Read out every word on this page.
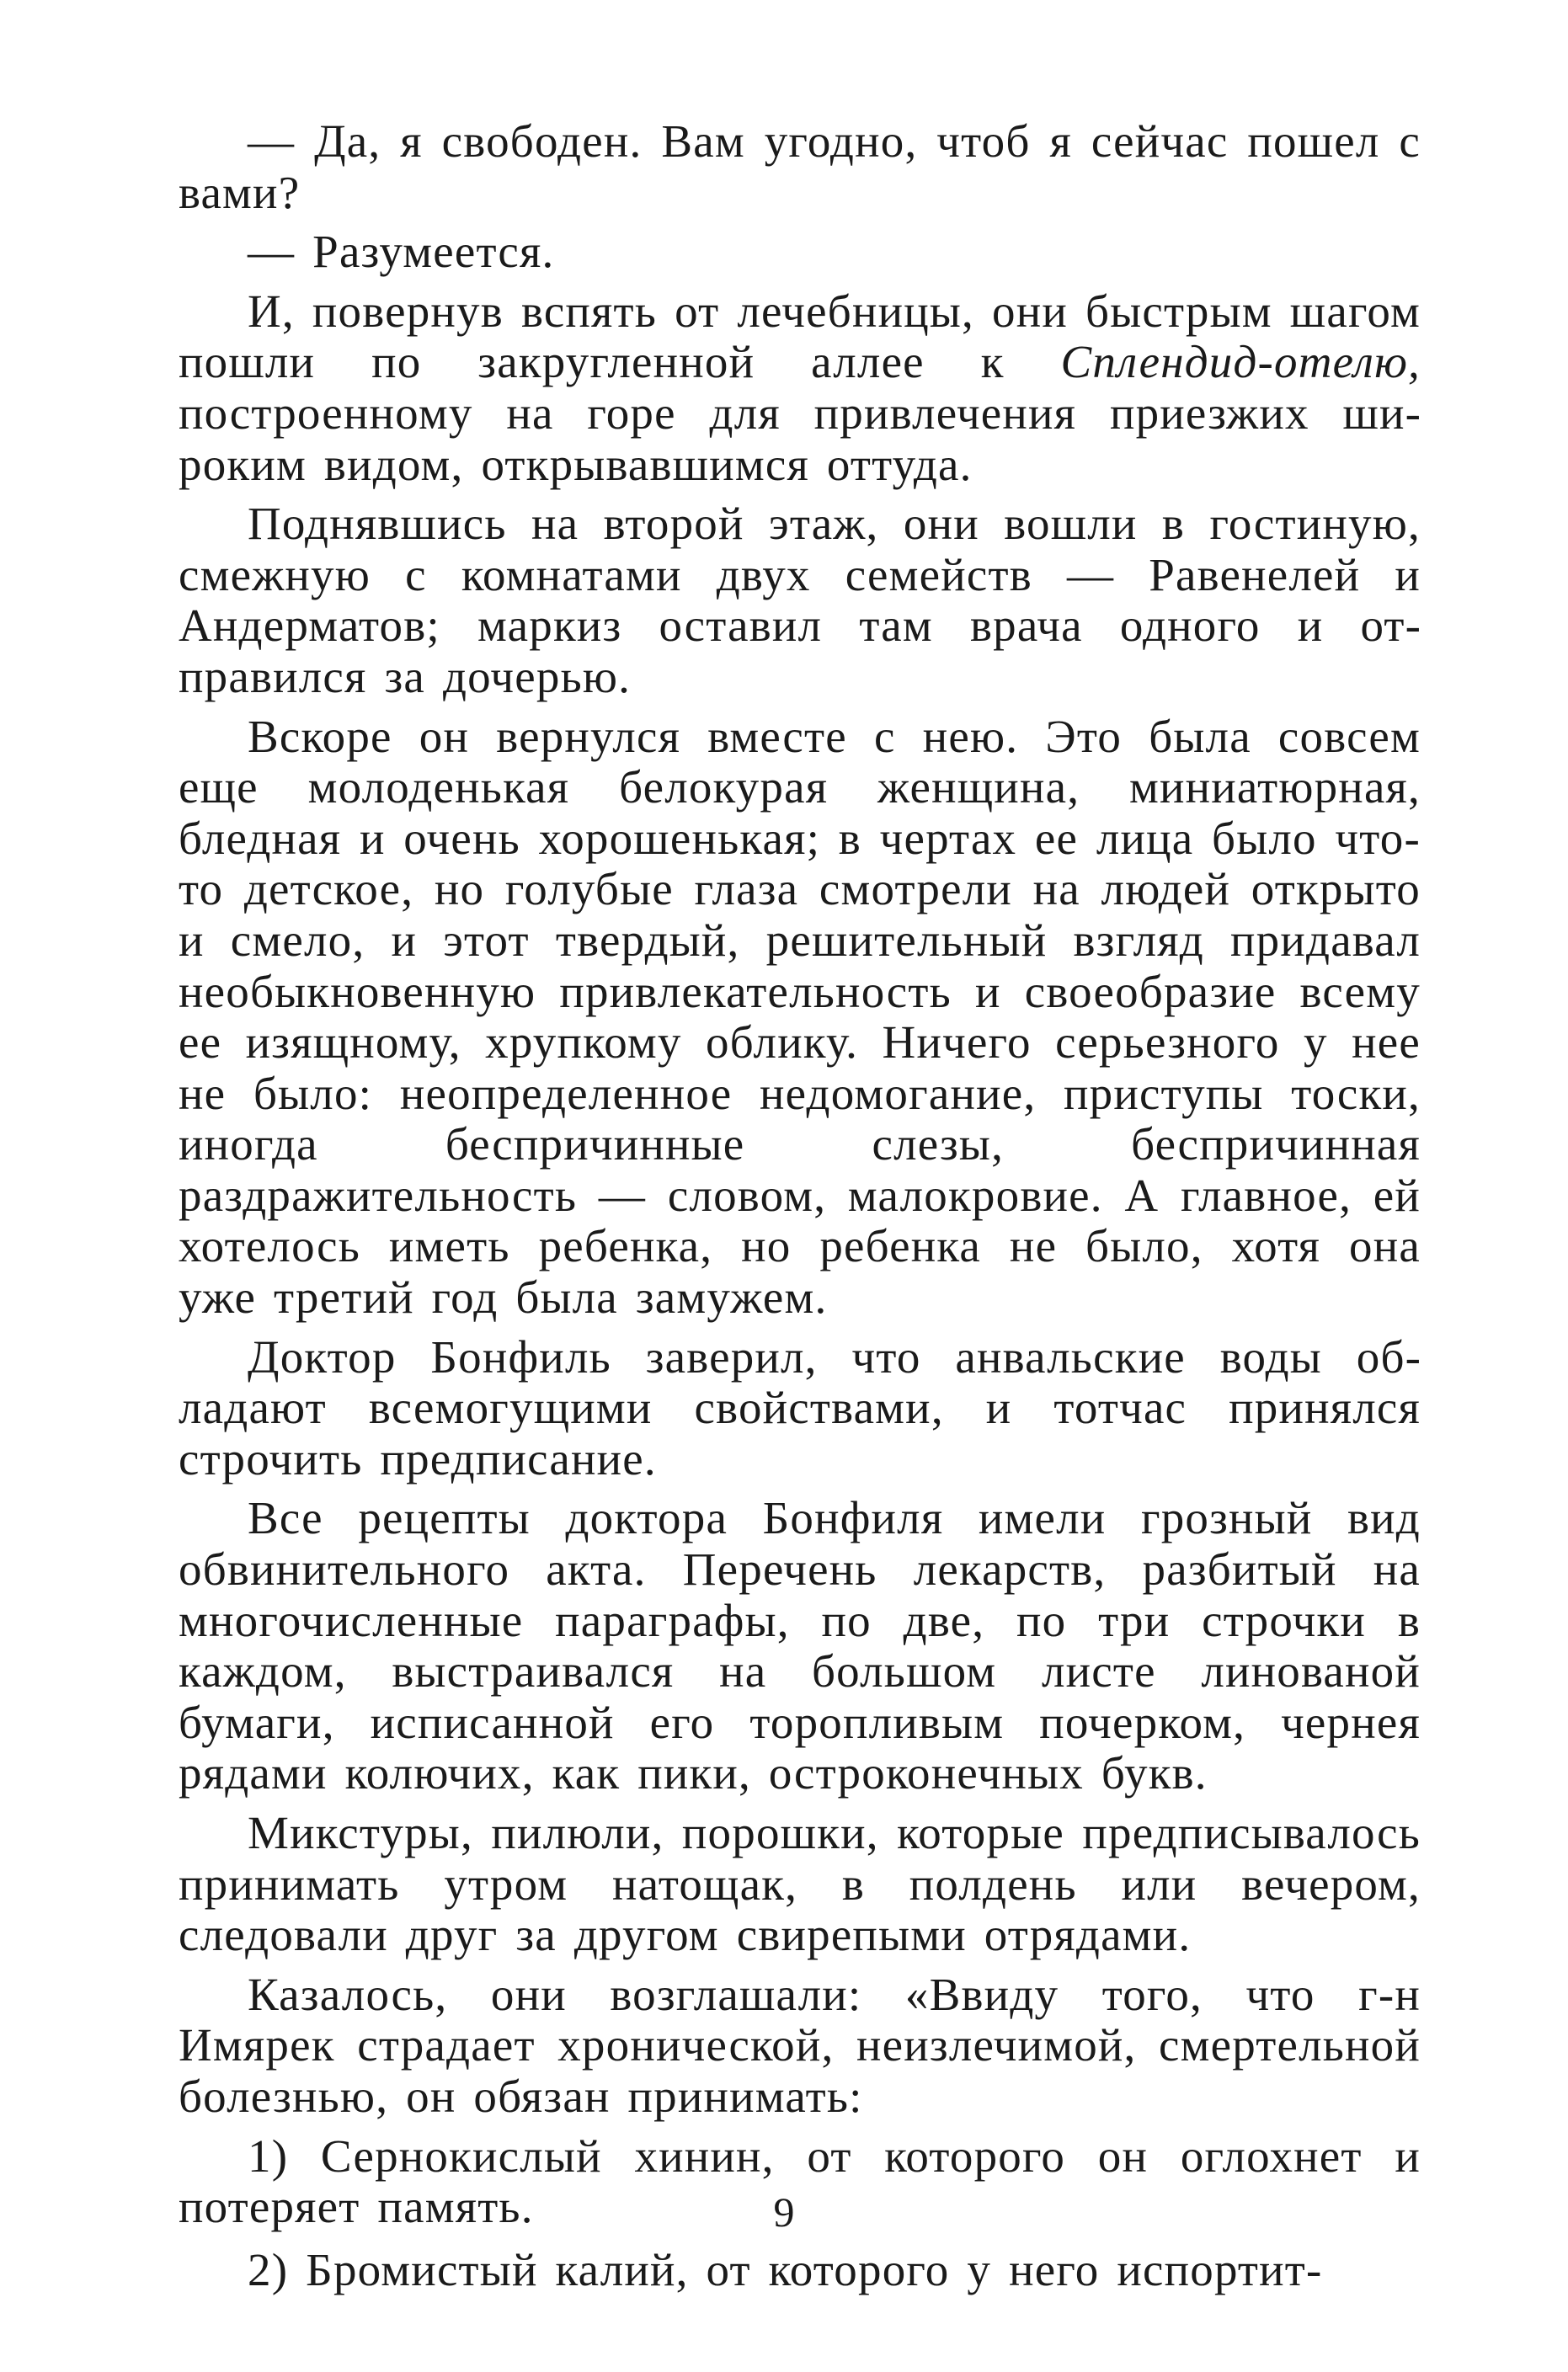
— Да, я свободен. Вам угодно, чтоб я сейчас пошел с вами?

— Разумеется.

И, повернув вспять от лечебницы, они быстрым шагом пошли по закругленной аллее к Сплендид-отелю, построенному на горе для привлечения приезжих широким видом, открывавшимся оттуда.

Поднявшись на второй этаж, они вошли в гостиную, смежную с комнатами двух семейств — Равенелей и Андерматов; маркиз оставил там врача одного и отправился за дочерью.

Вскоре он вернулся вместе с нею. Это была совсем еще молоденькая белокурая женщина, миниатюрная, бледная и очень хорошенькая; в чертах ее лица было что-то детское, но голубые глаза смотрели на людей открыто и смело, и этот твердый, решительный взгляд придавал необыкновенную привлекательность и своеобразие всему ее изящному, хрупкому облику. Ничего серьезного у нее не было: неопределенное недомогание, приступы тоски, иногда беспричинные слезы, беспричинная раздражительность — словом, малокровие. А главное, ей хотелось иметь ребенка, но ребенка не было, хотя она уже третий год была замужем.

Доктор Бонфиль заверил, что анвальские воды обладают всемогущими свойствами, и тотчас принялся строчить предписание.

Все рецепты доктора Бонфиля имели грозный вид обвинительного акта. Перечень лекарств, разбитый на многочисленные параграфы, по две, по три строчки в каждом, выстраивался на большом листе линованой бумаги, исписанной его торопливым почерком, чернея рядами колючих, как пики, остроконечных букв.

Микстуры, пилюли, порошки, которые предписывалось принимать утром натощак, в полдень или вечером, следовали друг за другом свирепыми отрядами.

Казалось, они возглашали: «Ввиду того, что г-н Имярек страдает хронической, неизлечимой, смертельной болезнью, он обязан принимать:

1) Сернокислый хинин, от которого он оглохнет и потеряет память.

2) Бромистый калий, от которого у него испортит-

9
